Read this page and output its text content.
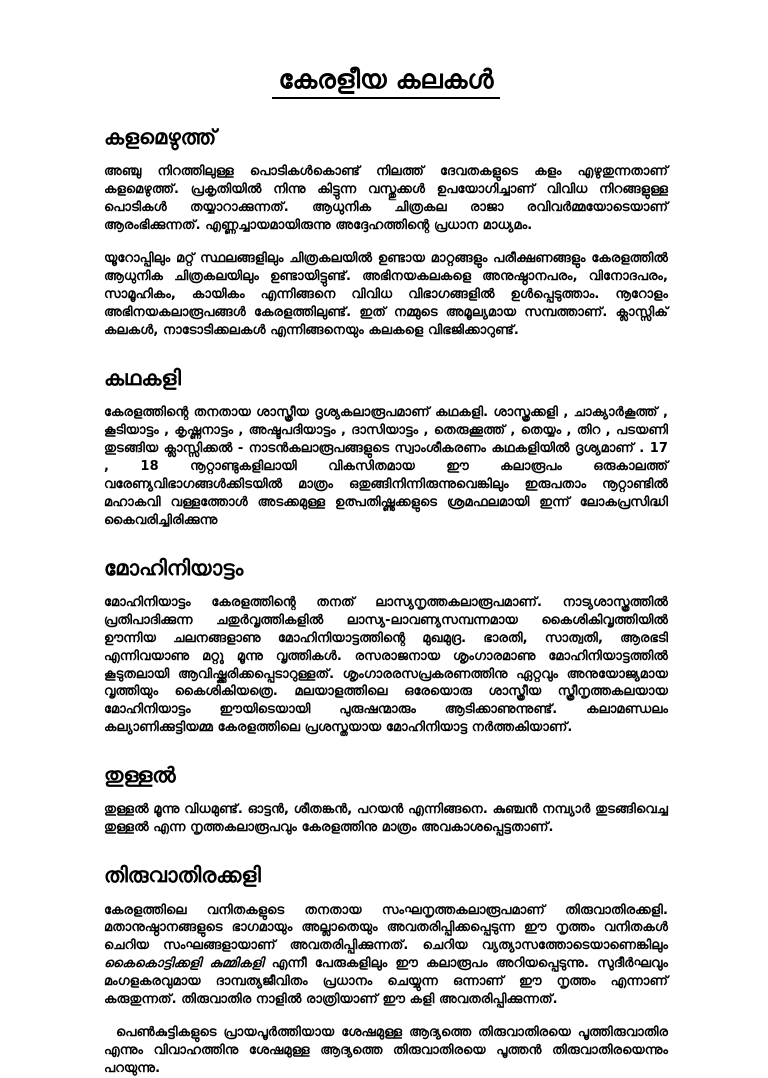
കേരളീയ കലകൾ
കളമെഴുത്ത്

അഞ്ചു നിറത്തിലുള്ള പൊടികൾകൊണ്ട് നിലത്ത് ദേവതകളുടെ കളം എഴുതുന്നതാണ് കളമെഴുത്ത്. പ്രകൃതിയിൽ നിന്നു കിട്ടുന്ന വസ്തുക്കൾ ഉപയോഗിച്ചാണ് വിവിധ നിറങ്ങളുള്ള പൊടികൾ തയ്യാറാക്കുന്നത്. ആധുനിക ചിത്രകല രാജാ രവിവർമ്മയോടെയാണ് ആരംഭിക്കുന്നത്. എണ്ണച്ചായമായിരുന്നു അദ്ദേഹത്തിന്റെ പ്രധാന മാധ്യമം.

യൂറോപ്പിലും മറ്റ് സ്ഥലങ്ങളിലും ചിത്രകലയിൽ ഉണ്ടായ മാറ്റങ്ങളും പരീക്ഷണങ്ങളും കേരളത്തിൽ ആധുനിക ചിത്രകലയിലും ഉണ്ടായിട്ടുണ്ട്. അഭിനയകലകളെ അനുഷ്ഠാനപരം, വിനോദപരം, സാമൂഹികം, കായികം എന്നിങ്ങനെ വിവിധ വിഭാഗങ്ങളിൽ ഉൾപ്പെടുത്താം. നൂറോളം അഭിനയകലാരൂപങ്ങൾ കേരളത്തിലുണ്ട്. ഇത് നമ്മുടെ അമൂല്യമായ സമ്പത്താണ്. ക്ലാസ്സിക് കലകൾ, നാടോടിക്കലകൾ എന്നിങ്ങനെയും കലകളെ വിഭജിക്കാറുണ്ട്.

കഥകളി

കേരളത്തിന്റെ തനതായ ശാസ്ത്രീയ ദൃശ്യകലാരൂപമാണ് കഥകളി. ശാസ്ത്രക്കളി , ചാക്യാർകൂത്ത് , കൂടിയാട്ടം , കൃഷ്ണനാട്ടം , അഷ്ടപദിയാട്ടം , ദാസിയാട്ടം , തെരുക്കൂത്ത് , തെയ്യം , തിറ , പടയണി തുടങ്ങിയ ക്ലാസ്സിക്കൽ - നാടൻകലാരൂപങ്ങളുടെ സ്വാംശീകരണം കഥകളിയിൽ ദൃശ്യമാണ് . 17 , 18 നൂറ്റാണ്ടുകളിലായി വികസിതമായ ഈ കലാരൂപം ഒരുകാലത്ത് വരേണ്യവിഭാഗങ്ങൾക്കിടയിൽ മാത്രം ഒതുങ്ങിനിന്നിരുന്നുവെങ്കിലും ഇരുപതാം നൂറ്റാണ്ടിൽ മഹാകവി വള്ളത്തോൾ അടക്കമുള്ള ഉത്പതിഷ്ണുക്കളുടെ ശ്രമഫലമായി ഇന്ന് ലോകപ്രസിദ്ധി കൈവരിച്ചിരിക്കുന്നു

മോഹിനിയാട്ടം

മോഹിനിയാട്ടം കേരളത്തിന്റെ തനത് ലാസ്യനൃത്തകലാരൂപമാണ്. നാട്യശാസ്ത്രത്തിൽ പ്രതിപാദിക്കുന്ന ചതുർവൃത്തികളിൽ ലാസ്യ-ലാവണ്യസമ്പന്നമായ കൈശികിവൃത്തിയിൽ ഊന്നിയ ചലനങ്ങളാണു മോഹിനിയാട്ടത്തിന്റെ മുഖമുദ്ര. ഭാരതി, സാത്വതി, ആരഭടി എന്നിവയാണു മറ്റു മൂന്നു വൃത്തികൾ. രസരാജനായ ശൃംഗാരമാണു മോഹിനിയാട്ടത്തിൽ കൂടുതലായി ആവിഷ്ക്കരിക്കപ്പെടാറുള്ളത്. ശൃംഗാരരസപ്രകരണത്തിനു ഏറ്റവും അനുയോജ്യമായ വൃത്തിയും കൈശികിയത്രെ. മലയാളത്തിലെ ഒരേയൊരു ശാസ്ത്രീയ സ്ത്രീനൃത്തകലയായ മോഹിനിയാട്ടം ഈയിടെയായി പുരുഷന്മാരും ആടിക്കാണുന്നുണ്ട്. കലാമണ്ഡലം കല്യാണിക്കുട്ടിയമ്മ കേരളത്തിലെ പ്രശസ്തയായ മോഹിനിയാട്ട നർത്തകിയാണ്.

തുള്ളൽ

തുള്ളൽ മൂന്നു വിധമുണ്ട്. ഓട്ടൻ, ശീതങ്കൻ, പറയൻ എന്നിങ്ങനെ. കുഞ്ചൻ നമ്പ്യാർ തുടങ്ങിവെച്ച തുള്ളൽ എന്ന നൃത്തകലാരൂപവും കേരളത്തിനു മാത്രം അവകാശപ്പെട്ടതാണ്.

തിരുവാതിരക്കളി

കേരളത്തിലെ വനിതകളുടെ തനതായ സംഘനൃത്തകലാരൂപമാണ് തിരുവാതിരക്കളി. മതാനുഷ്ഠാനങ്ങളുടെ ഭാഗമായും അല്ലാതെയും അവതരിപ്പിക്കപ്പെടുന്ന ഈ നൃത്തം വനിതകൾ ചെറിയ സംഘങ്ങളായാണ് അവതരിപ്പിക്കുന്നത്. ചെറിയ വ്യത്യാസത്തോടെയാണെങ്കിലും കൈകൊട്ടിക്കളി കുമ്മികളി എന്നീ പേരുകളിലും ഈ കലാരൂപം അറിയപ്പെടുന്നു. സുദീർഘവും മംഗളകരവുമായ ദാമ്പത്യജീവിതം പ്രധാനം ചെയ്യുന്ന ഒന്നാണ് ഈ നൃത്തം എന്നാണ് കരുതുന്നത്. തിരുവാതിര നാളിൽ രാത്രിയാണ് ഈ കളി അവതരിപ്പിക്കുന്നത്.

പെൺകുട്ടികളുടെ പ്രായപൂർത്തിയായ ശേഷമുള്ള ആദ്യത്തെ തിരുവാതിരയെ പൂത്തിരുവാതിര എന്നും വിവാഹത്തിനു ശേഷമുള്ള ആദ്യത്തെ തിരുവാതിരയെ പൂത്തൻ തിരുവാതിരയെന്നും പറയുന്നു.
